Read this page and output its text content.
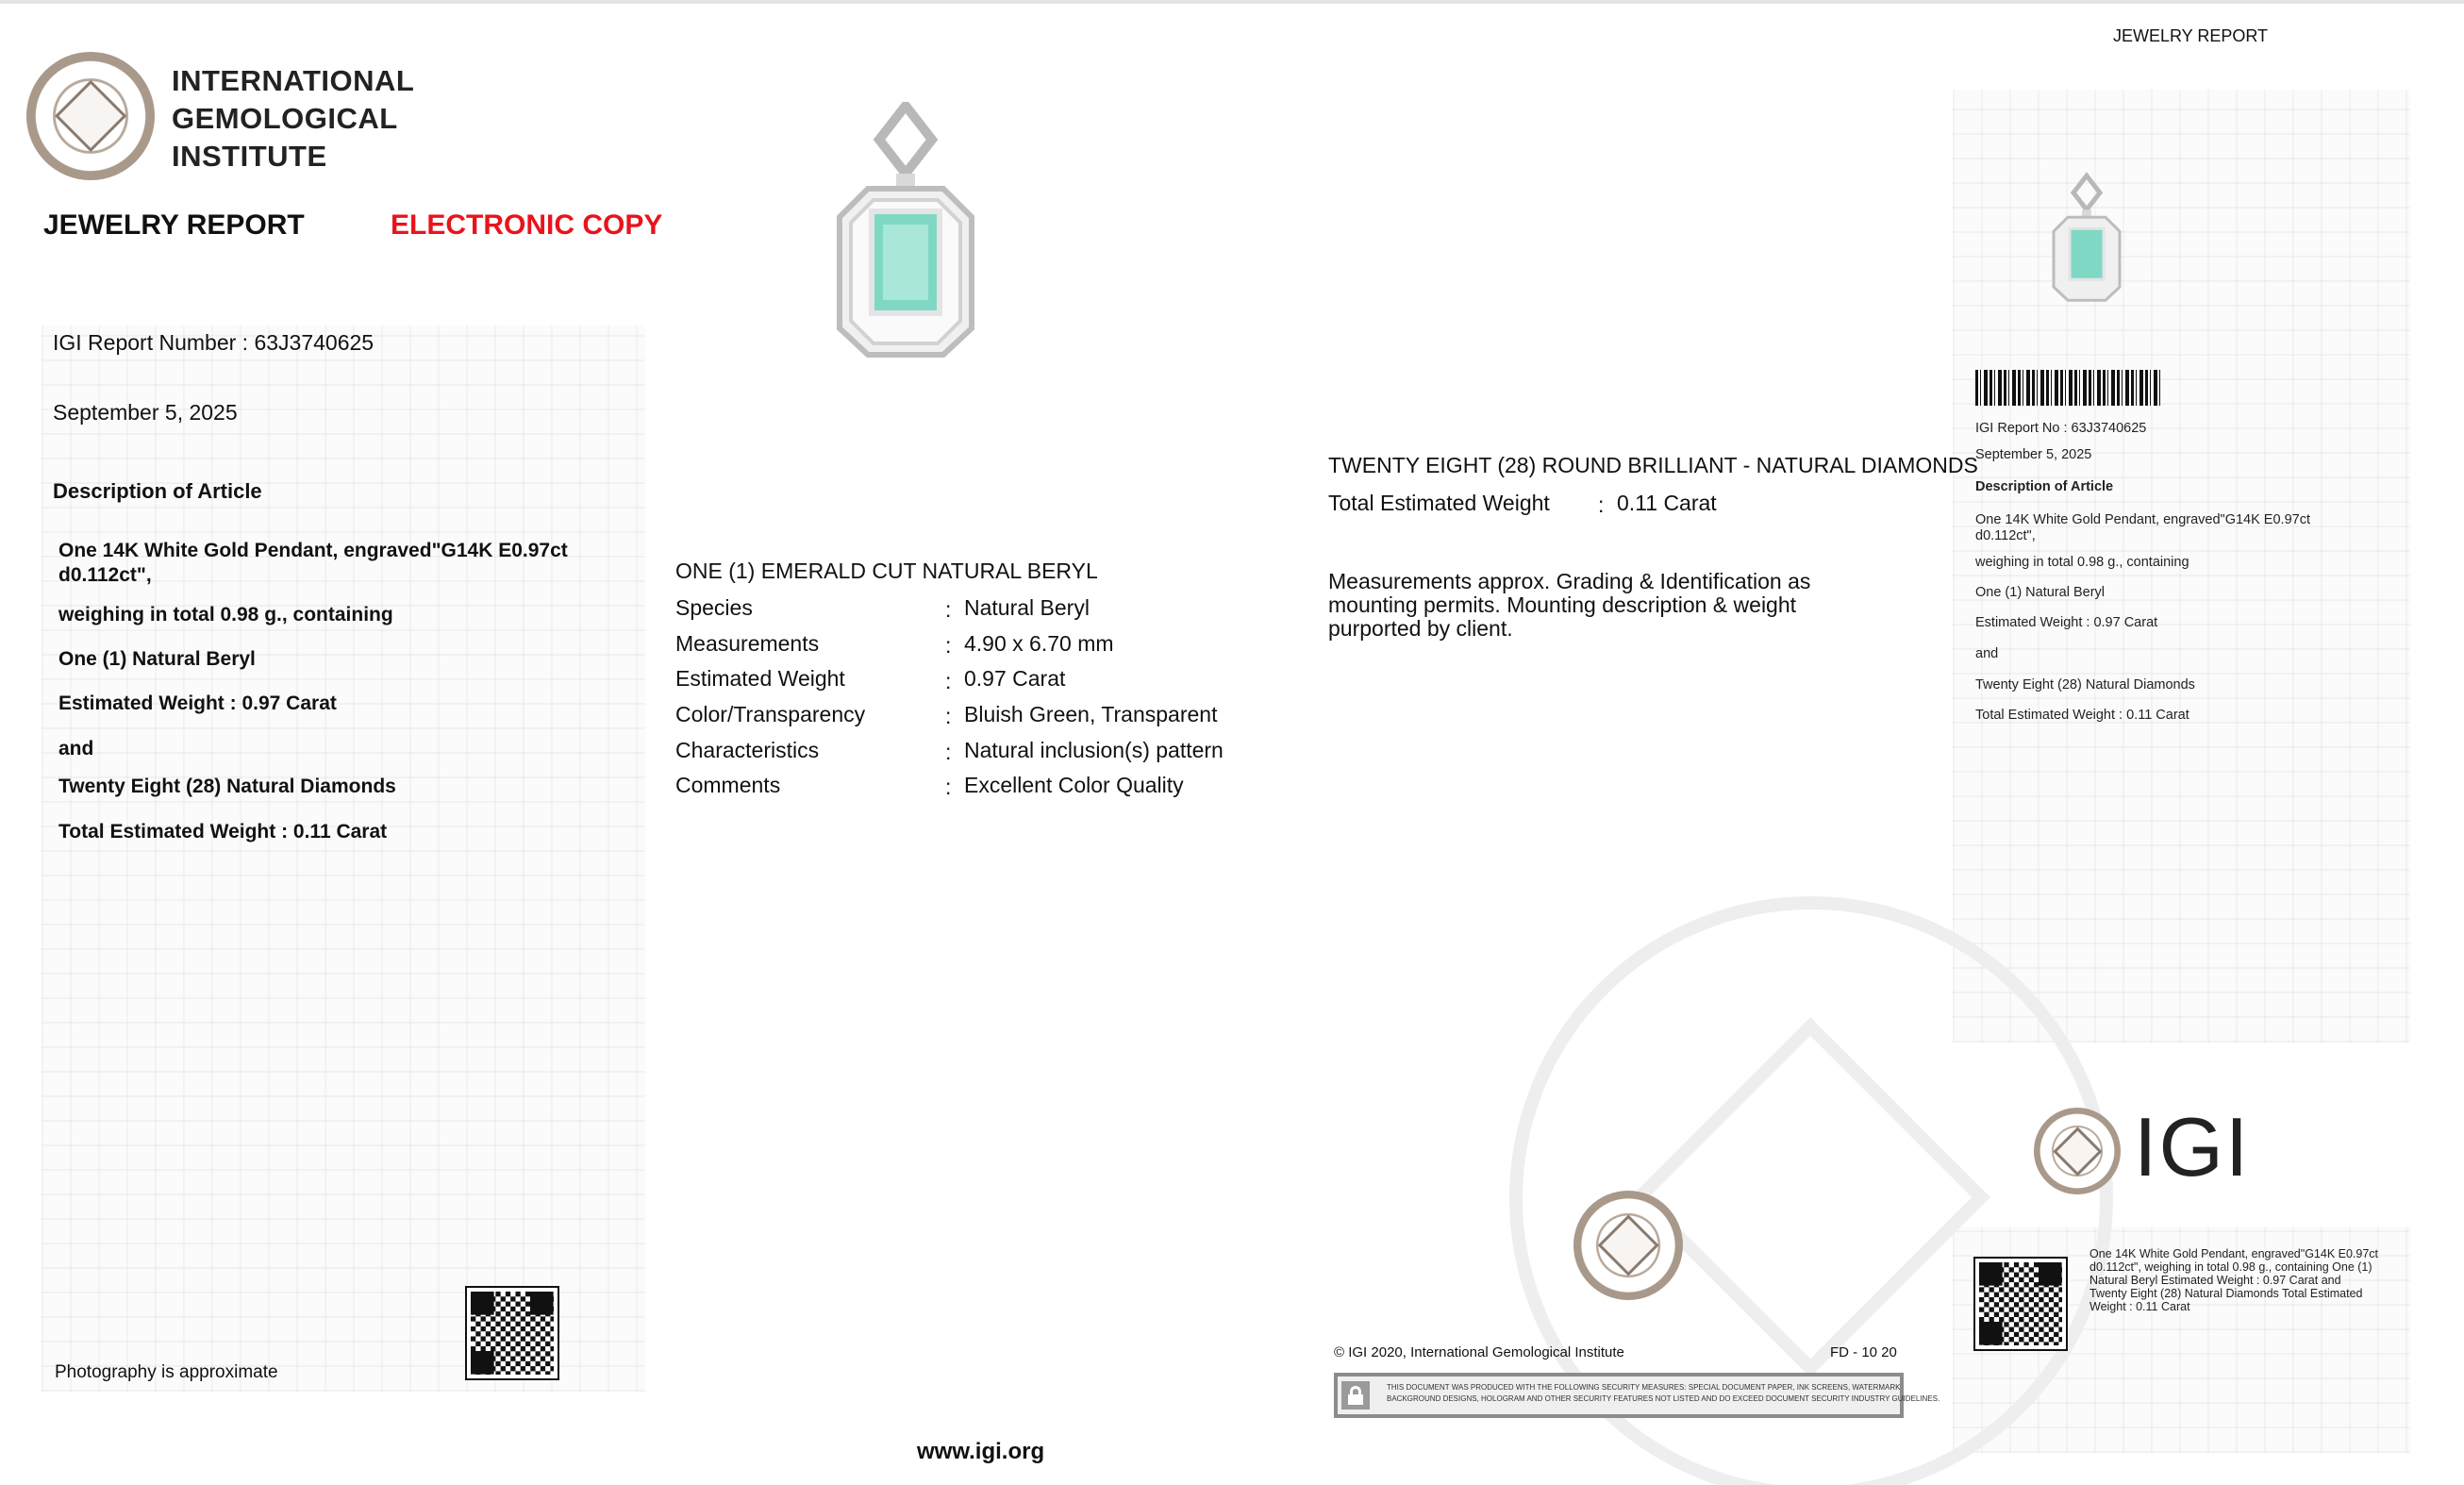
INTERNATIONAL
GEMOLOGICAL
INSTITUTE
JEWELRY REPORT	ELECTRONIC COPY
JEWELRY REPORT
IGI Report Number : 63J3740625
September 5, 2025
Description of Article
One 14K White Gold Pendant, engraved"G14K E0.97ct
d0.112ct",
weighing in total 0.98 g., containing
One (1) Natural Beryl
Estimated Weight : 0.97 Carat
and
Twenty Eight (28) Natural Diamonds
Total Estimated Weight : 0.11 Carat
Photography is approximate
ONE (1) EMERALD CUT NATURAL BERYL
Species	: Natural Beryl
Measurements	: 4.90 x 6.70 mm
Estimated Weight	: 0.97 Carat
Color/Transparency	: Bluish Green, Transparent
Characteristics	: Natural inclusion(s) pattern
Comments	: Excellent Color Quality
www.igi.org
TWENTY EIGHT (28) ROUND BRILLIANT - NATURAL DIAMONDS
Total Estimated Weight : 0.11 Carat
Measurements approx. Grading & Identification as
mounting permits. Mounting description & weight
purported by client.
© IGI 2020, International Gemological Institute	FD - 10 20
THIS DOCUMENT WAS PRODUCED WITH THE FOLLOWING SECURITY MEASURES: SPECIAL DOCUMENT PAPER, INK SCREENS, WATERMARK
BACKGROUND DESIGNS, HOLOGRAM AND OTHER SECURITY FEATURES NOT LISTED AND DO EXCEED DOCUMENT SECURITY INDUSTRY GUIDELINES.
IGI Report No : 63J3740625
September 5, 2025
Description of Article
One 14K White Gold Pendant, engraved"G14K E0.97ct
d0.112ct",
weighing in total 0.98 g., containing
One (1) Natural Beryl
Estimated Weight : 0.97 Carat
and
Twenty Eight (28) Natural Diamonds
Total Estimated Weight : 0.11 Carat
IGI
One 14K White Gold Pendant, engraved"G14K E0.97ct
d0.112ct", weighing in total 0.98 g., containing One (1)
Natural Beryl Estimated Weight : 0.97 Carat and
Twenty Eight (28) Natural Diamonds Total Estimated
Weight : 0.11 Carat
